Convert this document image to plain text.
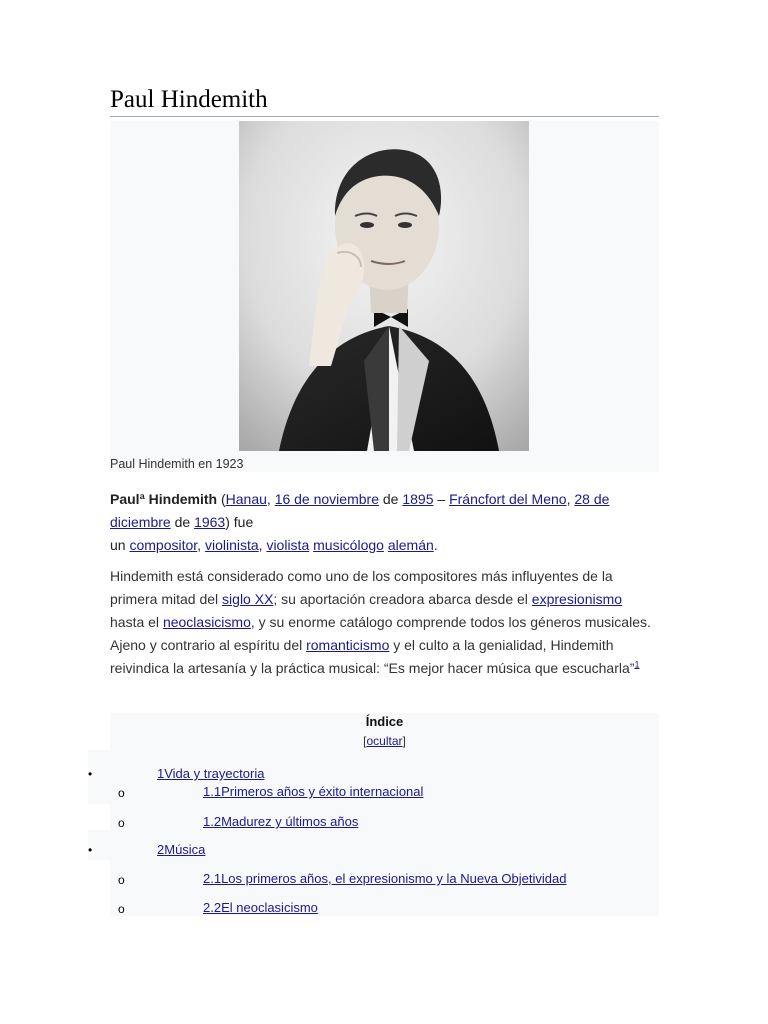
Paul Hindemith
Paul Hindemith en 1923

Paulª Hindemith (Hanau, 16 de noviembre de 1895 – Fráncfort del Meno, 28 de diciembre de 1963) fue
un compositor, violinista, violista musicólogo alemán.

Hindemith está considerado como uno de los compositores más influyentes de la primera mitad del siglo XX; su aportación creadora abarca desde el expresionismo hasta el neoclasicismo, y su enorme catálogo comprende todos los géneros musicales. Ajeno y contrario al espíritu del romanticismo y el culto a la genialidad, Hindemith reivindica la artesanía y la práctica musical: “Es mejor hacer música que escucharla”$^1$

Índice
[ocultar]
•	1Vida y trayectoria
o	1.1Primeros años y éxito internacional
o	1.2Madurez y últimos años
•	2Música
o	2.1Los primeros años, el expresionismo y la Nueva Objetividad
o	2.2El neoclasicismo
